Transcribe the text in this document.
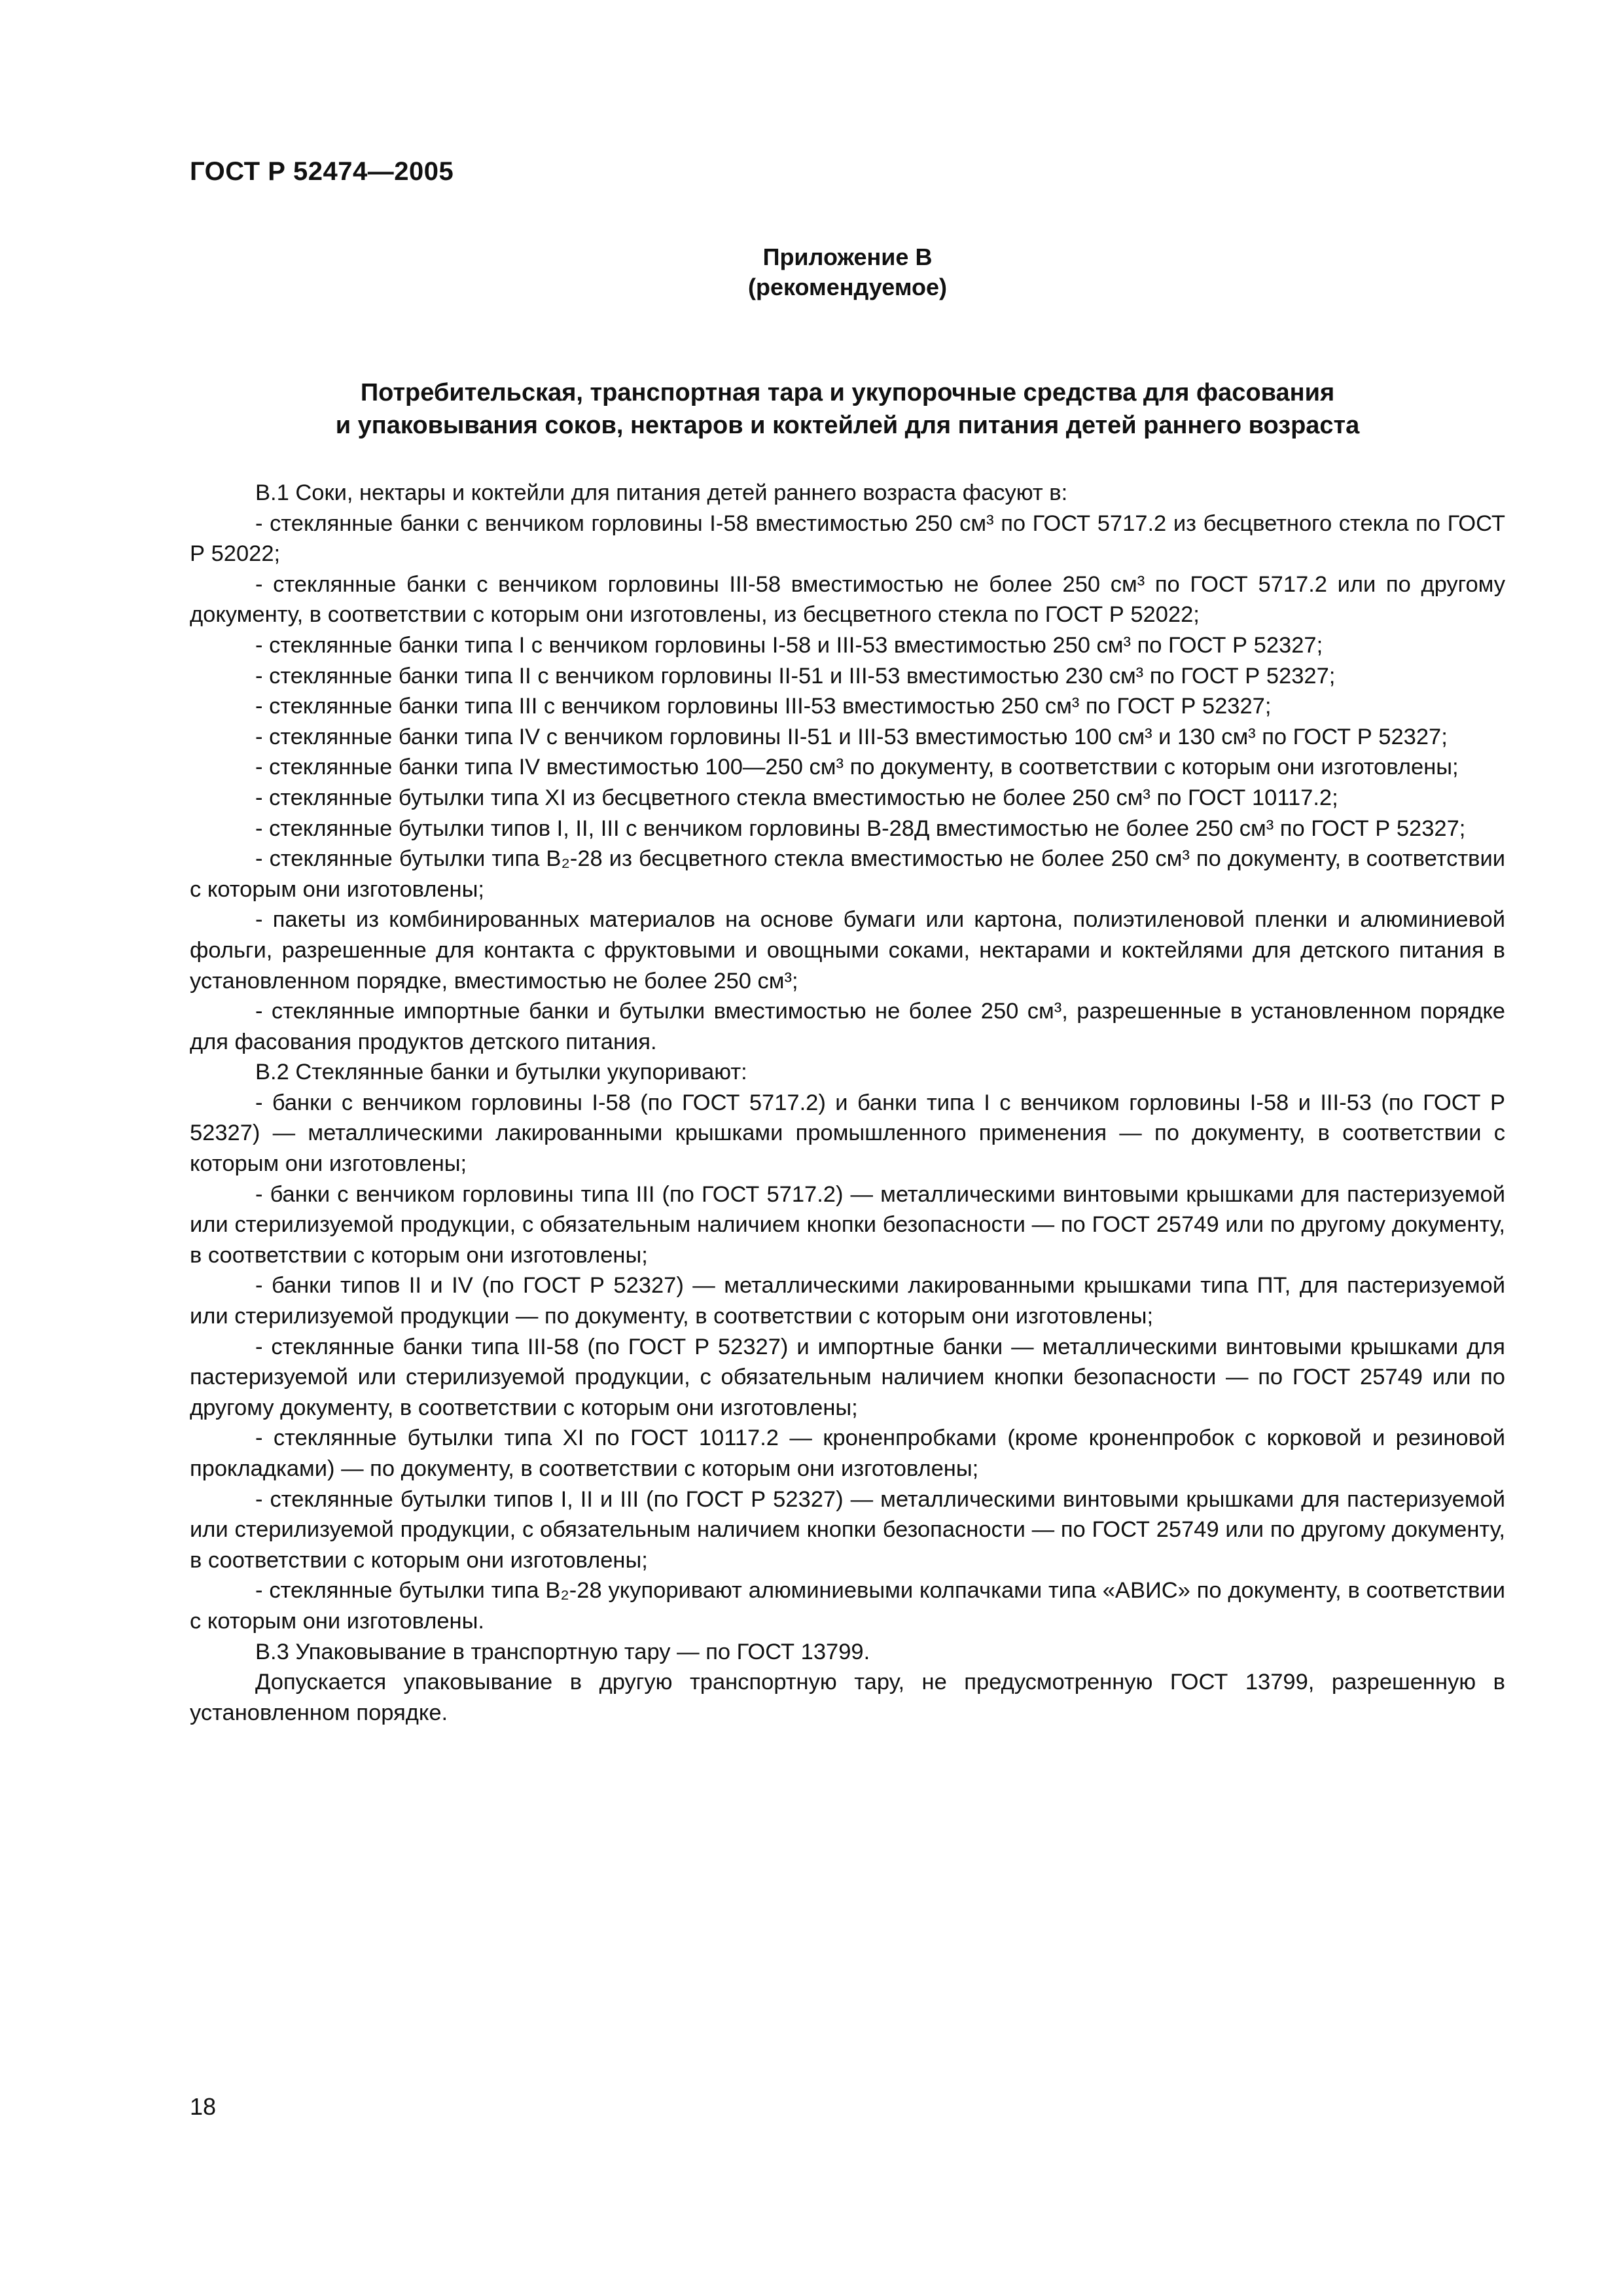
ГОСТ Р 52474—2005
Приложение В
(рекомендуемое)
Потребительская, транспортная тара и укупорочные средства для фасования
и упаковывания соков, нектаров и коктейлей для питания детей раннего возраста

В.1 Соки, нектары и коктейли для питания детей раннего возраста фасуют в:

- стеклянные банки с венчиком горловины I-58 вместимостью 250 см³ по ГОСТ 5717.2 из бесцветного стекла по ГОСТ Р 52022;

- стеклянные банки с венчиком горловины III-58 вместимостью не более 250 см³ по ГОСТ 5717.2 или по другому документу, в соответствии с которым они изготовлены, из бесцветного стекла по ГОСТ Р 52022;

- стеклянные банки типа I с венчиком горловины I-58 и III-53 вместимостью 250 см³ по ГОСТ Р 52327;

- стеклянные банки типа II с венчиком горловины II-51 и III-53 вместимостью 230 см³ по ГОСТ Р 52327;

- стеклянные банки типа III с венчиком горловины III-53 вместимостью 250 см³ по ГОСТ Р 52327;

- стеклянные банки типа IV с венчиком горловины II-51 и III-53 вместимостью 100 см³ и 130 см³ по ГОСТ Р 52327;

- стеклянные банки типа IV вместимостью 100—250 см³ по документу, в соответствии с которым они изготовлены;

- стеклянные бутылки типа XI из бесцветного стекла вместимостью не более 250 см³ по ГОСТ 10117.2;

- стеклянные бутылки типов I, II, III с венчиком горловины В-28Д вместимостью не более 250 см³ по ГОСТ Р 52327;

- стеклянные бутылки типа В₂-28 из бесцветного стекла вместимостью не более 250 см³ по документу, в соответствии с которым они изготовлены;

- пакеты из комбинированных материалов на основе бумаги или картона, полиэтиленовой пленки и алюминиевой фольги, разрешенные для контакта с фруктовыми и овощными соками, нектарами и коктейлями для детского питания в установленном порядке, вместимостью не более 250 см³;

- стеклянные импортные банки и бутылки вместимостью не более 250 см³, разрешенные в установленном порядке для фасования продуктов детского питания.

В.2 Стеклянные банки и бутылки укупоривают:

- банки с венчиком горловины I-58 (по ГОСТ 5717.2) и банки типа I с венчиком горловины I-58 и III-53 (по ГОСТ Р 52327) — металлическими лакированными крышками промышленного применения — по документу, в соответствии с которым они изготовлены;

- банки с венчиком горловины типа III (по ГОСТ 5717.2) — металлическими винтовыми крышками для пастеризуемой или стерилизуемой продукции, с обязательным наличием кнопки безопасности — по ГОСТ 25749 или по другому документу, в соответствии с которым они изготовлены;

- банки типов II и IV (по ГОСТ Р 52327) — металлическими лакированными крышками типа ПТ, для пастеризуемой или стерилизуемой продукции — по документу, в соответствии с которым они изготовлены;

- стеклянные банки типа III-58 (по ГОСТ Р 52327) и импортные банки — металлическими винтовыми крышками для пастеризуемой или стерилизуемой продукции, с обязательным наличием кнопки безопасности — по ГОСТ 25749 или по другому документу, в соответствии с которым они изготовлены;

- стеклянные бутылки типа XI по ГОСТ 10117.2 — кроненпробками (кроме кроненпробок с корковой и резиновой прокладками) — по документу, в соответствии с которым они изготовлены;

- стеклянные бутылки типов I, II и III (по ГОСТ Р 52327) — металлическими винтовыми крышками для пастеризуемой или стерилизуемой продукции, с обязательным наличием кнопки безопасности — по ГОСТ 25749 или по другому документу, в соответствии с которым они изготовлены;

- стеклянные бутылки типа В₂-28 укупоривают алюминиевыми колпачками типа «АВИС» по документу, в соответствии с которым они изготовлены.

В.3 Упаковывание в транспортную тару — по ГОСТ 13799.

Допускается упаковывание в другую транспортную тару, не предусмотренную ГОСТ 13799, разрешенную в установленном порядке.

18
